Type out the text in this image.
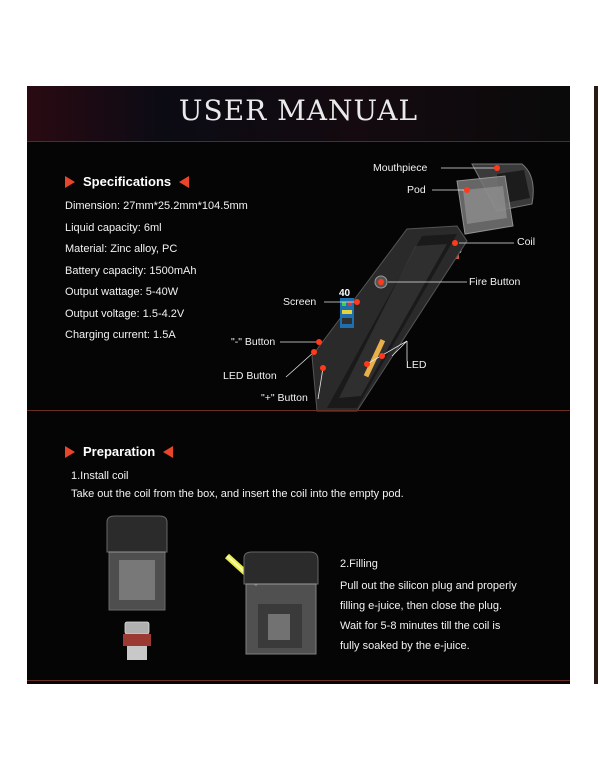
USER MANUAL
Specifications
Dimension: 27mm*25.2mm*104.5mm
Liquid capacity: 6ml
Material: Zinc alloy, PC
Battery capacity: 1500mAh
Output wattage: 5-40W
Output voltage: 1.5-4.2V
Charging current: 1.5A
40
Mouthpiece
Pod
Coil
Fire Button
Screen
"-" Button
LED
LED Button
"+" Button
Preparation
1.Install coil
Take out the coil from the box, and insert the coil into the empty pod.
2.Filling
Pull out the silicon plug and properly
filling e-juice, then close the plug.
Wait for 5-8 minutes till the coil is
fully soaked by the e-juice.
